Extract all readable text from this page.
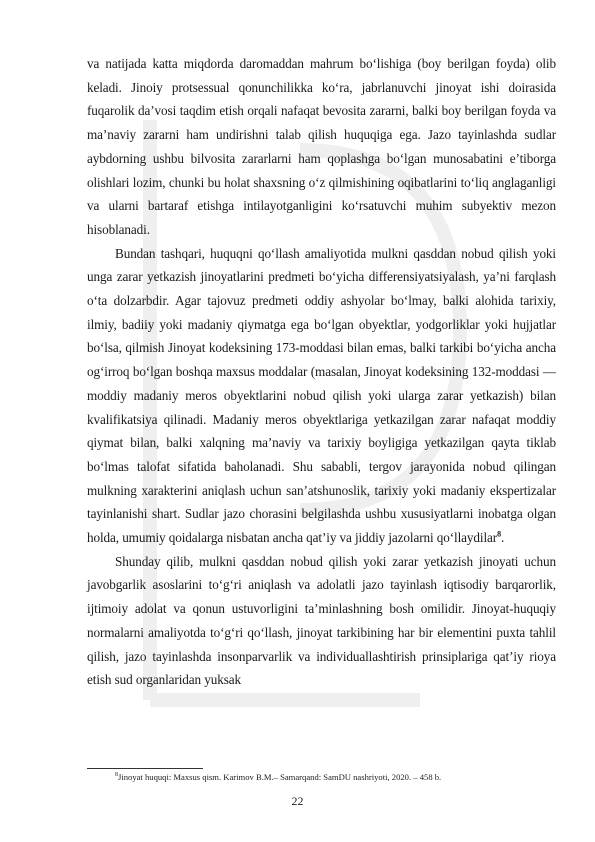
va natijada katta miqdorda daromaddan mahrum bo‘lishiga (boy berilgan foyda) olib keladi. Jinoiy protsessual qonunchilikka ko‘ra, jabrlanuvchi jinoyat ishi doirasida fuqarolik da’vosi taqdim etish orqali nafaqat bevosita zararni, balki boy berilgan foyda va ma’naviy zararni ham undirishni talab qilish huquqiga ega. Jazo tayinlashda sudlar aybdorning ushbu bilvosita zararlarni ham qoplashga bo‘lgan munosabatini e’tiborga olishlari lozim, chunki bu holat shaxsning o‘z qilmishining oqibatlarini to‘liq anglaganligi va ularni bartaraf etishga intilayotganligini ko‘rsatuvchi muhim subyektiv mezon hisoblanadi.

Bundan tashqari, huquqni qo‘llash amaliyotida mulkni qasddan nobud qilish yoki unga zarar yetkazish jinoyatlarini predmeti bo‘yicha differensiyatsiyalash, ya’ni farqlash o‘ta dolzarbdir. Agar tajovuz predmeti oddiy ashyolar bo‘lmay, balki alohida tarixiy, ilmiy, badiiy yoki madaniy qiymatga ega bo‘lgan obyektlar, yodgorliklar yoki hujjatlar bo‘lsa, qilmish Jinoyat kodeksining 173-moddasi bilan emas, balki tarkibi bo‘yicha ancha og‘irroq bo‘lgan boshqa maxsus moddalar (masalan, Jinoyat kodeksining 132-moddasi — moddiy madaniy meros obyektlarini nobud qilish yoki ularga zarar yetkazish) bilan kvalifikatsiya qilinadi. Madaniy meros obyektlariga yetkazilgan zarar nafaqat moddiy qiymat bilan, balki xalqning ma’naviy va tarixiy boyligiga yetkazilgan qayta tiklab bo‘lmas talofat sifatida baholanadi. Shu sababli, tergov jarayonida nobud qilingan mulkning xarakterini aniqlash uchun san’atshunoslik, tarixiy yoki madaniy ekspertizalar tayinlanishi shart. Sudlar jazo chorasini belgilashda ushbu xususiyatlarni inobatga olgan holda, umumiy qoidalarga nisbatan ancha qat’iy va jiddiy jazolarni qo‘llaydilar$^8$.

Shunday qilib, mulkni qasddan nobud qilish yoki zarar yetkazish jinoyati uchun javobgarlik asoslarini to‘g‘ri aniqlash va adolatli jazo tayinlash iqtisodiy barqarorlik, ijtimoiy adolat va qonun ustuvorligini ta’minlashning bosh omilidir. Jinoyat-huquqiy normalarni amaliyotda to‘g‘ri qo‘llash, jinoyat tarkibining har bir elementini puxta tahlil qilish, jazo tayinlashda insonparvarlik va individuallashtirish prinsiplariga qat’iy rioya etish sud organlaridan yuksak

$^8$Jinoyat huquqi: Maxsus qism. Karimov B.M.– Samarqand: SamDU nashriyoti, 2020. – 458 b.
22
